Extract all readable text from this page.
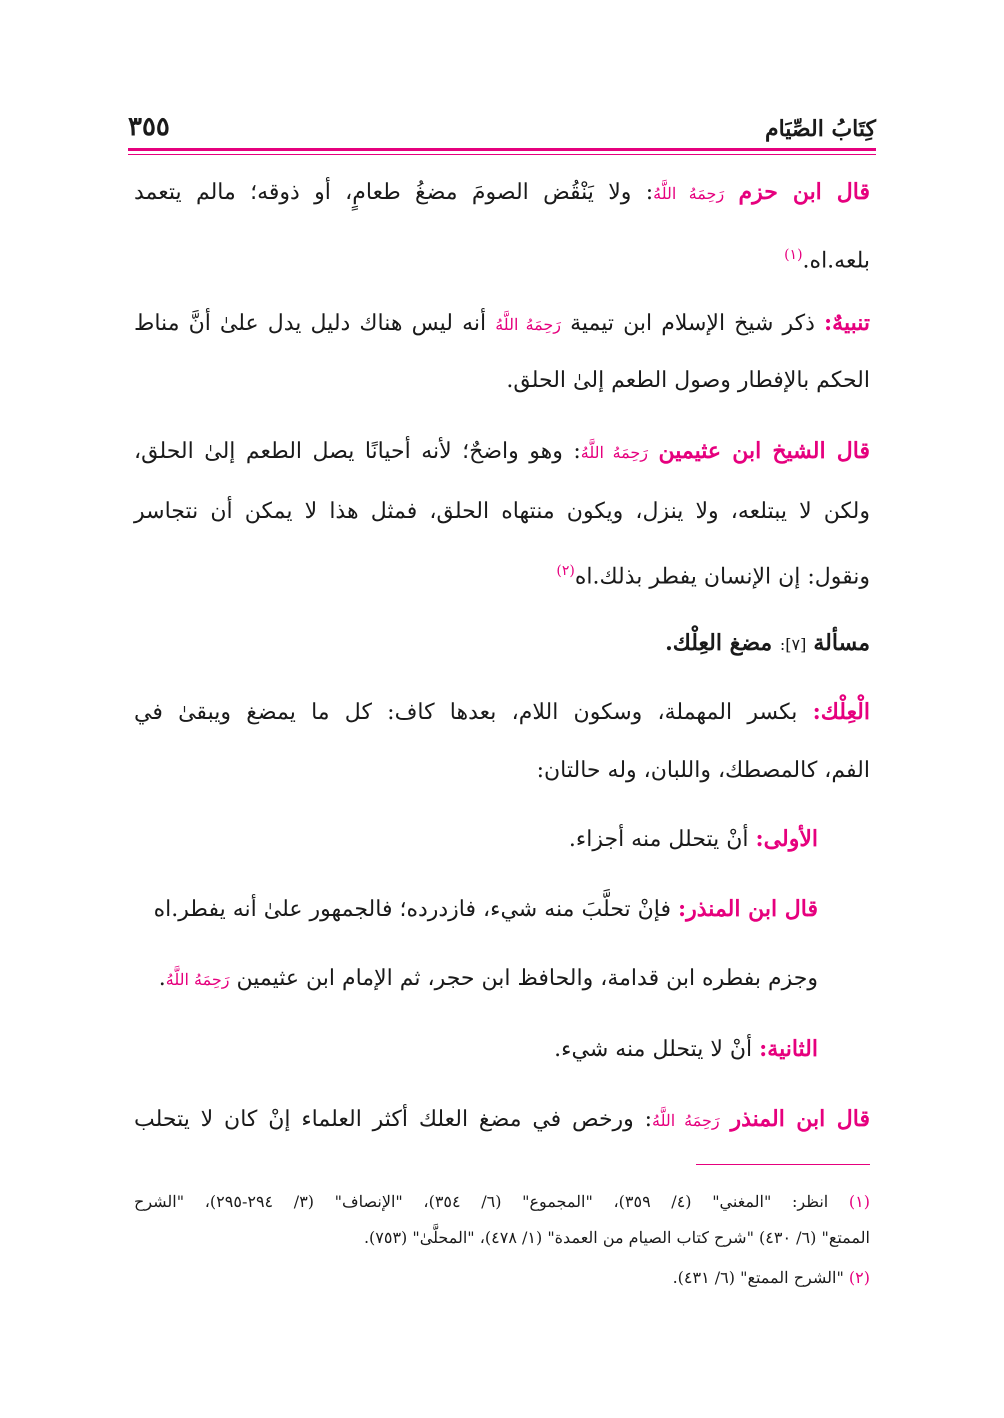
كِتَابُ الصِّيَام
٣٥٥
قال ابن حزم رَحِمَهُ اللَّهُ: ولا يَنْقُض الصومَ مضغُ طعامٍ، أو ذوقه؛ مالم يتعمد
بلعه.اه.$^{(١)}$
تنبيهٌ: ذكر شيخ الإسلام ابن تيمية رَحِمَهُ اللَّهُ أنه ليس هناك دليل يدل علىٰ أنَّ مناط
الحكم بالإفطار وصول الطعم إلىٰ الحلق.
قال الشيخ ابن عثيمين رَحِمَهُ اللَّهُ: وهو واضحٌ؛ لأنه أحيانًا يصل الطعم إلىٰ الحلق،
ولكن لا يبتلعه، ولا ينزل، ويكون منتهاه الحلق، فمثل هذا لا يمكن أن نتجاسر
ونقول: إن الإنسان يفطر بذلك.اه$^{(٢)}$
مسألة [٧]: مضغ العِلْك.
الْعِلْك: بكسر المهملة، وسكون اللام، بعدها كاف: كل ما يمضغ ويبقىٰ في
الفم، كالمصطك، واللبان، وله حالتان:
الأولى: أنْ يتحلل منه أجزاء.
قال ابن المنذر: فإنْ تحلَّبَ منه شيء، فازدرده؛ فالجمهور علىٰ أنه يفطر.اه
وجزم بفطره ابن قدامة، والحافظ ابن حجر، ثم الإمام ابن عثيمين رَحِمَهُ اللَّهُ.
الثانية: أنْ لا يتحلل منه شيء.
قال ابن المنذر رَحِمَهُ اللَّهُ: ورخص في مضغ العلك أكثر العلماء إنْ كان لا يتحلب
(١) انظر: "المغني" (٤/ ٣٥٩)، "المجموع" (٦/ ٣٥٤)، "الإنصاف" (٣/ ٢٩٤-٢٩٥)، "الشرح
الممتع" (٦/ ٤٣٠) "شرح كتاب الصيام من العمدة" (١/ ٤٧٨)، "المحلَّىٰ" (٧٥٣).
(٢) "الشرح الممتع" (٦/ ٤٣١).
